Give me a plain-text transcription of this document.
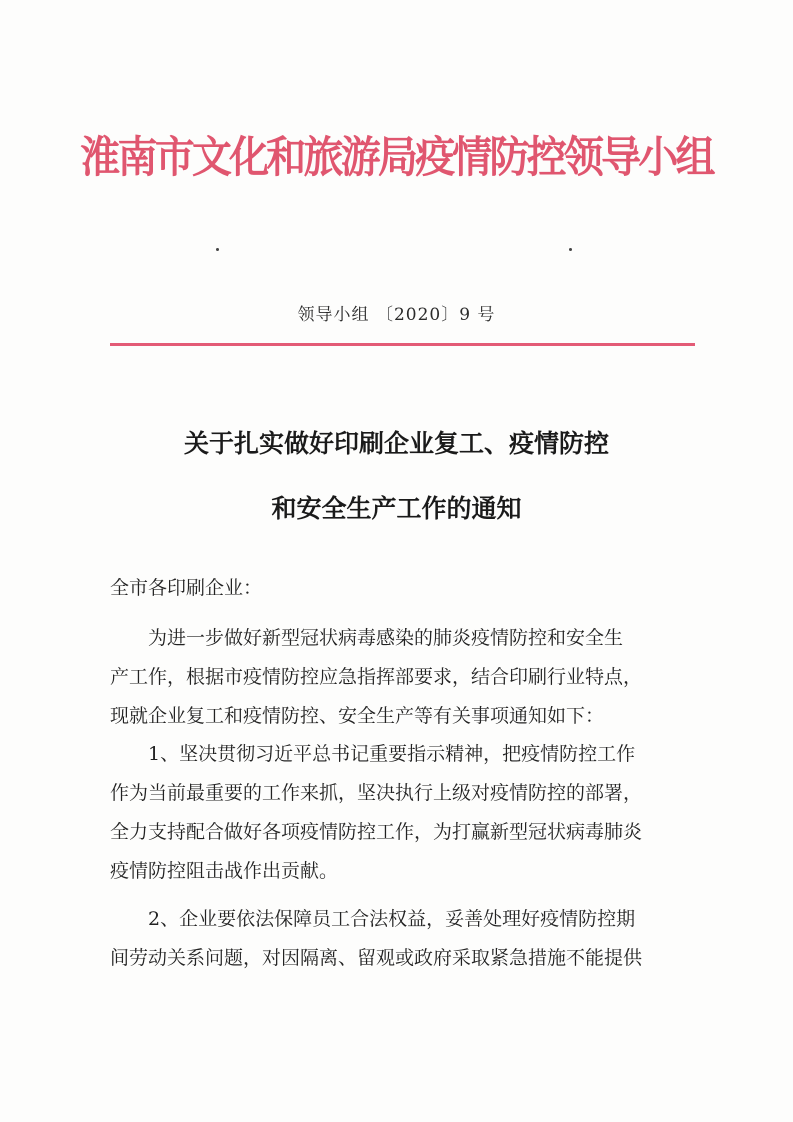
淮南市文化和旅游局疫情防控领导小组
领导小组 〔2020〕9 号
关于扎实做好印刷企业复工、疫情防控
和安全生产工作的通知
全市各印刷企业：
为进一步做好新型冠状病毒感染的肺炎疫情防控和安全生
产工作，根据市疫情防控应急指挥部要求，结合印刷行业特点，
现就企业复工和疫情防控、安全生产等有关事项通知如下：
1、坚决贯彻习近平总书记重要指示精神，把疫情防控工作
作为当前最重要的工作来抓，坚决执行上级对疫情防控的部署，
全力支持配合做好各项疫情防控工作，为打赢新型冠状病毒肺炎
疫情防控阻击战作出贡献。
2、企业要依法保障员工合法权益，妥善处理好疫情防控期
间劳动关系问题，对因隔离、留观或政府采取紧急措施不能提供
